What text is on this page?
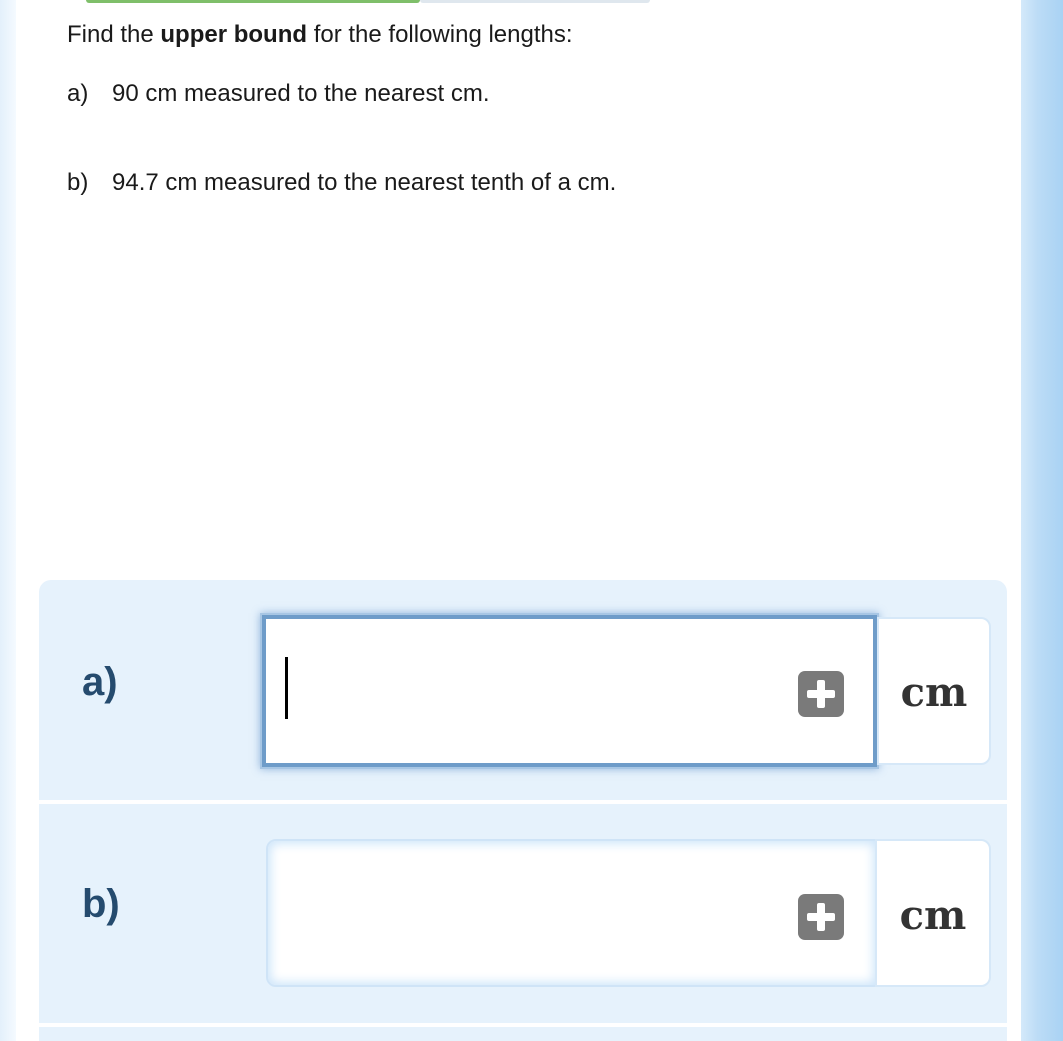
Find the upper bound for the following lengths:
a) 90 cm measured to the nearest cm.
b) 94.7 cm measured to the nearest tenth of a cm.
a)	cm
b)	cm
